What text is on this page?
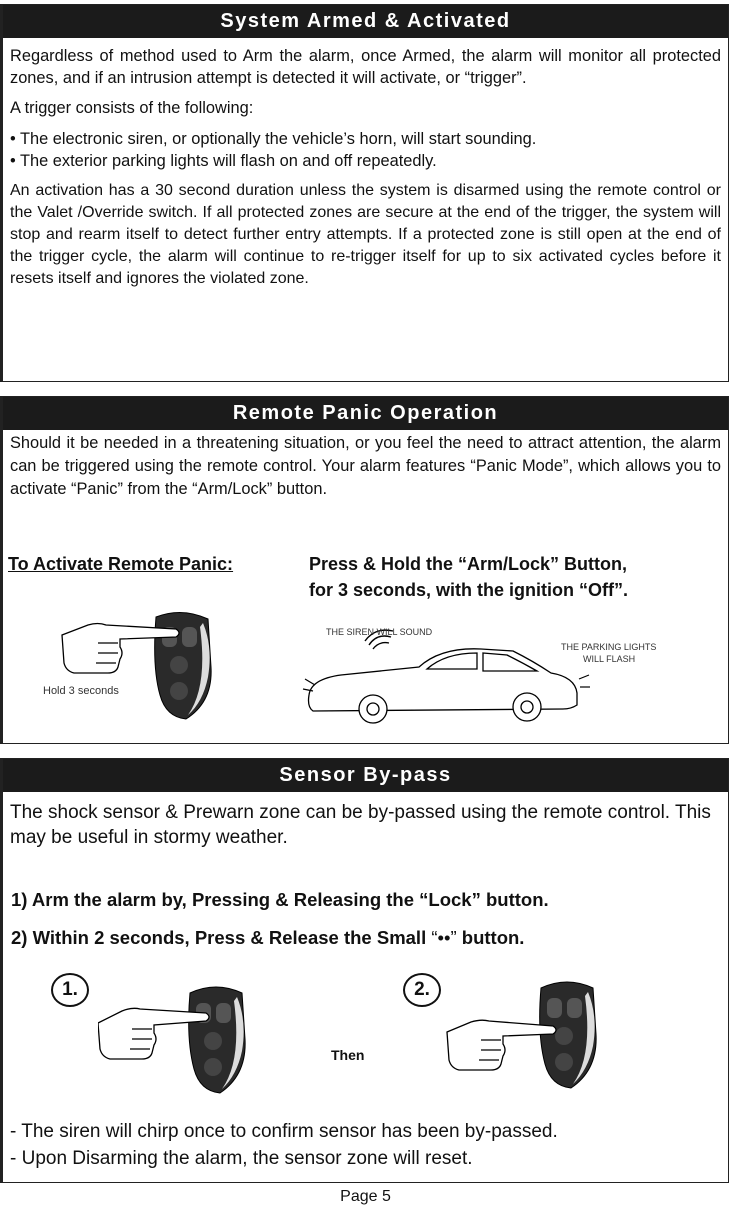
System Armed & Activated

Regardless of method used to Arm the alarm, once Armed, the alarm will monitor all protected zones, and if an intrusion attempt is detected it will activate, or “trigger”.

A trigger consists of the following:

• The electronic siren, or optionally the vehicle’s horn, will start sounding.

• The exterior parking lights will flash on and off repeatedly.

An activation has a 30 second duration unless the system is disarmed using the remote control or the Valet /Override switch. If all protected zones are secure at the end of the trigger, the system will stop and rearm itself to detect further entry attempts. If a protected zone is still open at the end of the trigger cycle, the alarm will continue to re-trigger itself for up to six activated cycles before it resets itself and ignores the violated zone.

Remote Panic Operation

Should it be needed in a threatening situation, or you feel the need to attract attention, the alarm can be triggered using the remote control. Your alarm features “Panic Mode”, which allows you to activate “Panic” from the “Arm/Lock” button.

To Activate Remote Panic:	Press & Hold the “Arm/Lock” Button,
for 3 seconds, with the ignition “Off”.
Hold 3 seconds
THE SIREN WILL SOUND
THE PARKING LIGHTS
WILL FLASH
Sensor By-pass

The shock sensor & Prewarn zone can be by-passed using the remote control. This may be useful in stormy weather.

1) Arm the alarm by, Pressing & Releasing the “Lock” button.
2) Within 2 seconds, Press & Release the Small “••” button.
1.	2.
Then
- The siren will chirp once to confirm sensor has been by-passed.
- Upon Disarming the alarm, the sensor zone will reset.
Page 5
